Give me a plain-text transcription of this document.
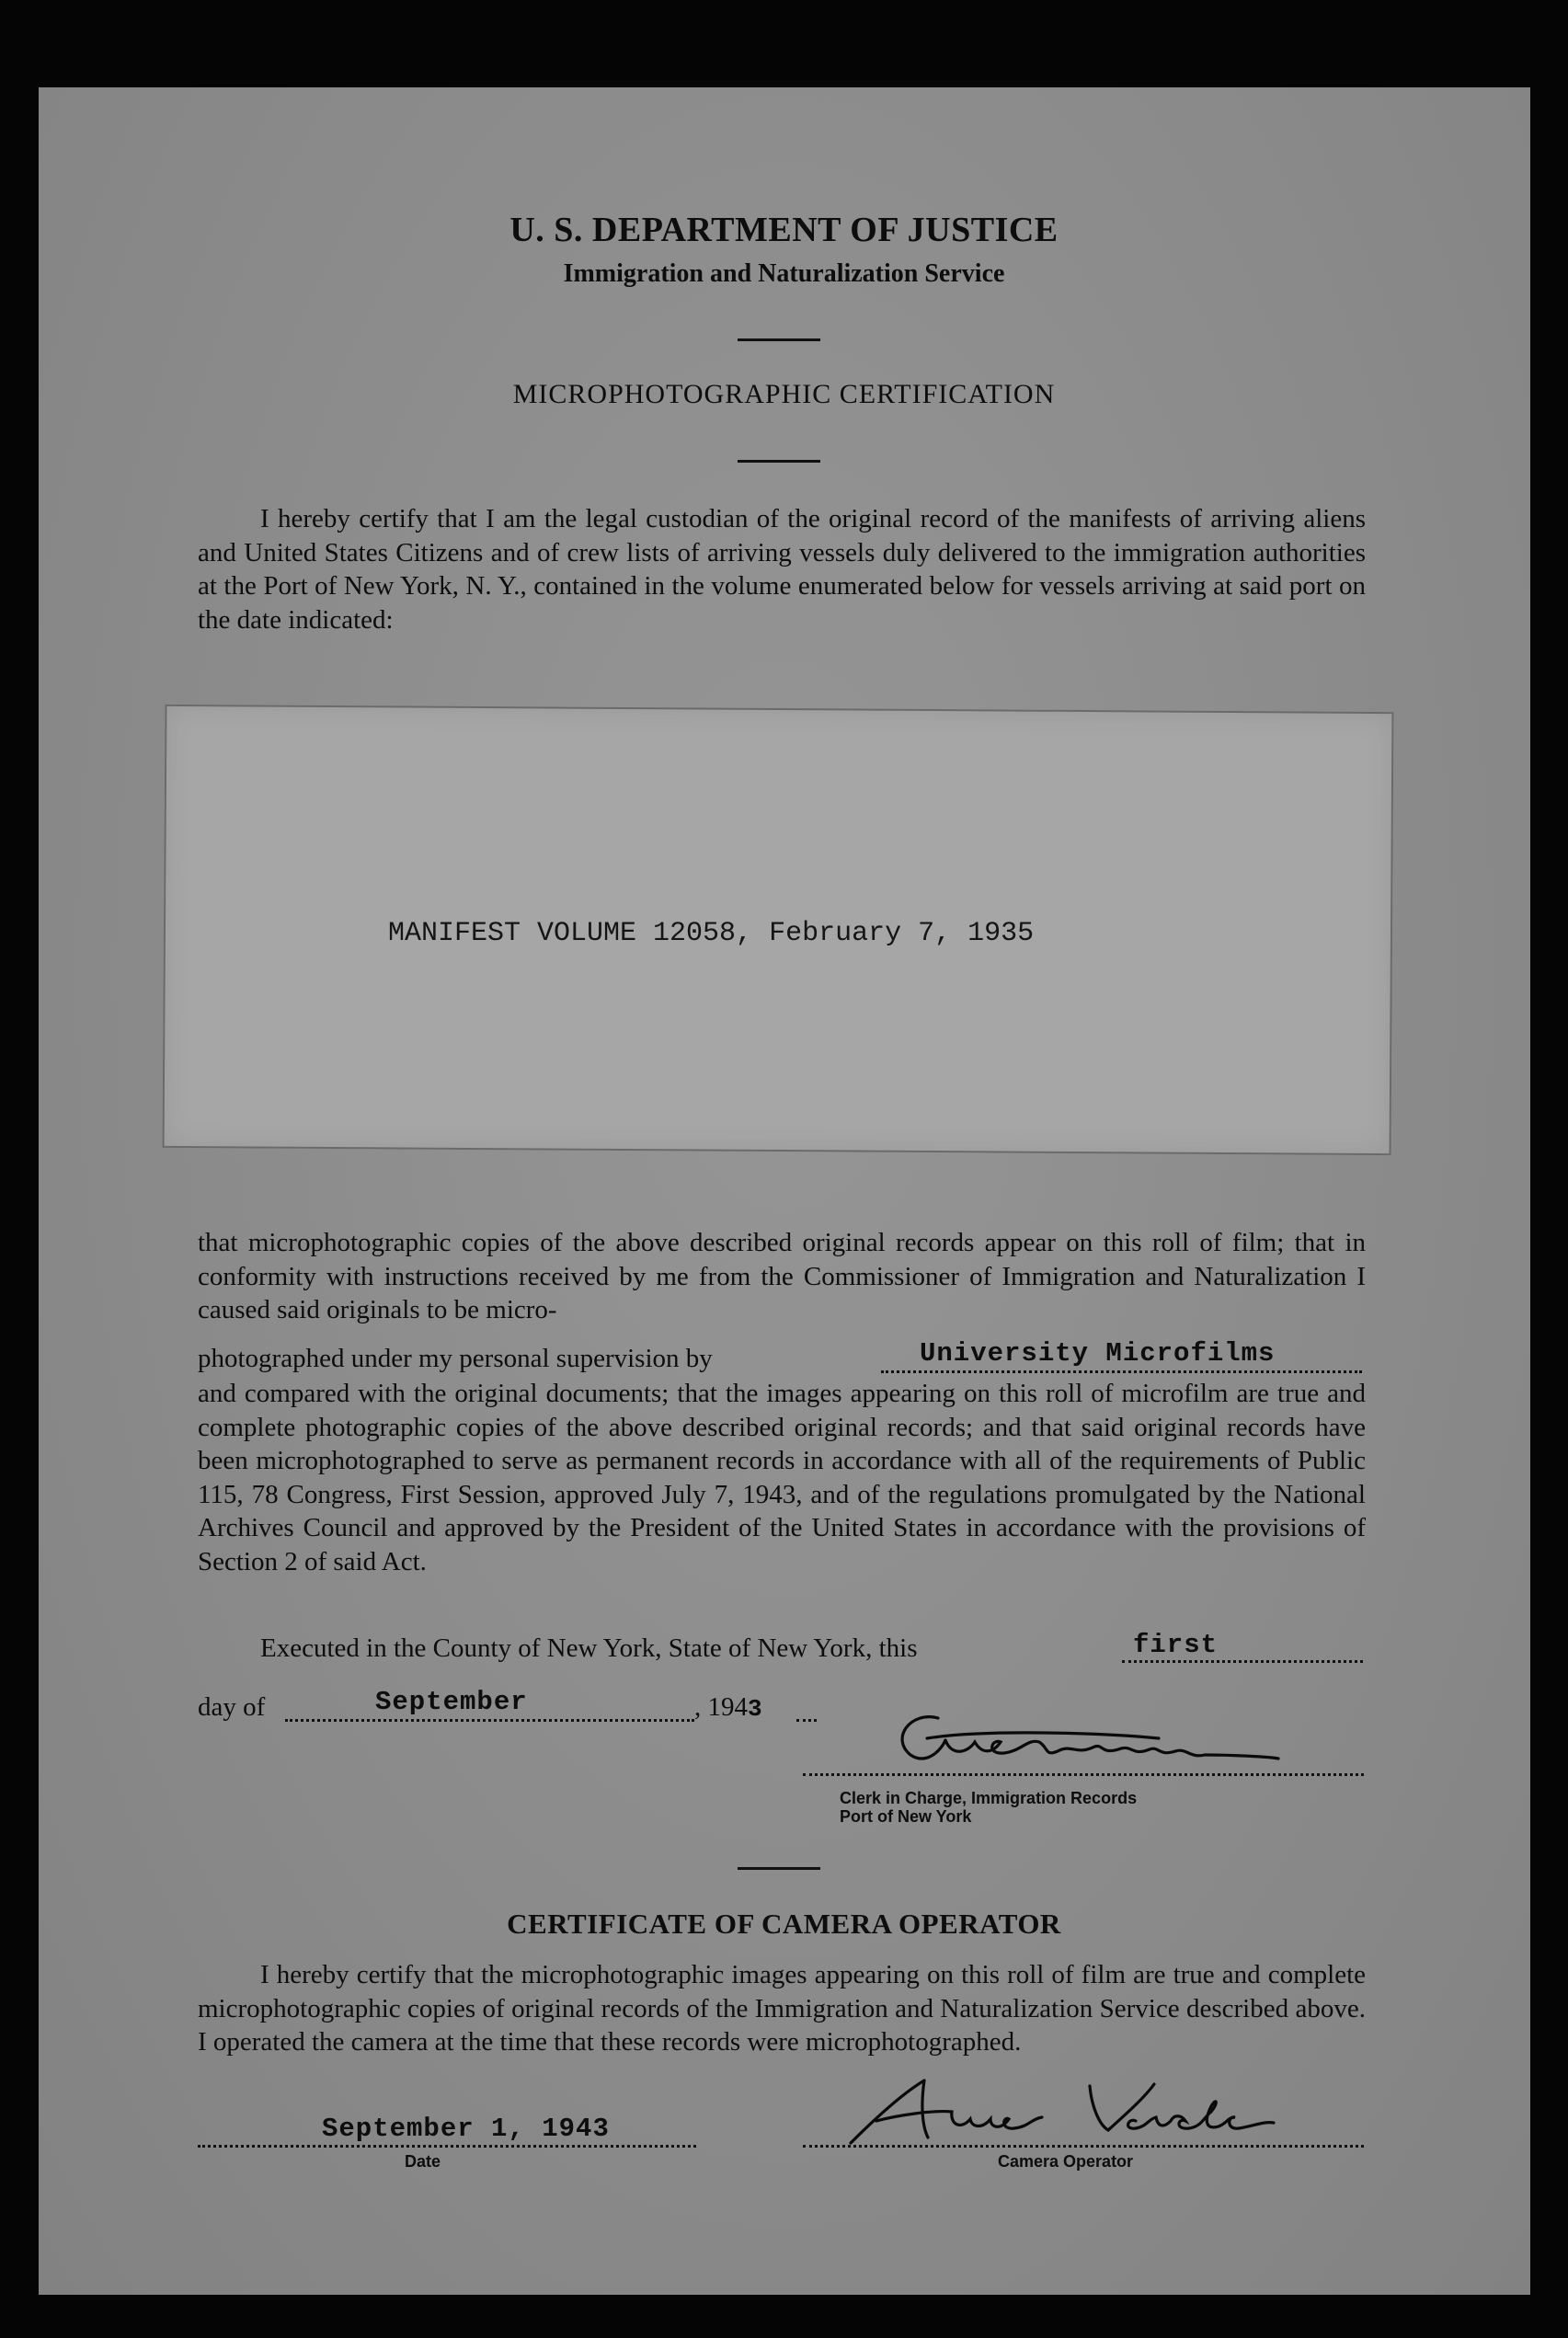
U. S. DEPARTMENT OF JUSTICE
Immigration and Naturalization Service
MICROPHOTOGRAPHIC CERTIFICATION
I hereby certify that I am the legal custodian of the original record of the manifests of arriving aliens and United States Citizens and of crew lists of arriving vessels duly delivered to the immigration authorities at the Port of New York, N. Y., contained in the volume enumerated below for vessels arriving at said port on the date indicated:
MANIFEST VOLUME 12058, February 7, 1935
that microphotographic copies of the above described original records appear on this roll of film; that in conformity with instructions received by me from the Commissioner of Immigration and Naturalization I caused said originals to be micro-
photographed under my personal supervision by	University Microfilms
and compared with the original documents; that the images appearing on this roll of microfilm are true and complete photographic copies of the above described original records; and that said original records have been microphotographed to serve as permanent records in accordance with all of the requirements of Public 115, 78 Congress, First Session, approved July 7, 1943, and of the regulations promulgated by the National Archives Council and approved by the President of the United States in accordance with the provisions of Section 2 of said Act.
Executed in the County of New York, State of New York, this	first
day of	September	, 1943
Clerk in Charge, Immigration Records
Port of New York
CERTIFICATE OF CAMERA OPERATOR
I hereby certify that the microphotographic images appearing on this roll of film are true and complete microphotographic copies of original records of the Immigration and Naturalization Service described above. I operated the camera at the time that these records were microphotographed.
September 1, 1943
Date	Camera Operator
